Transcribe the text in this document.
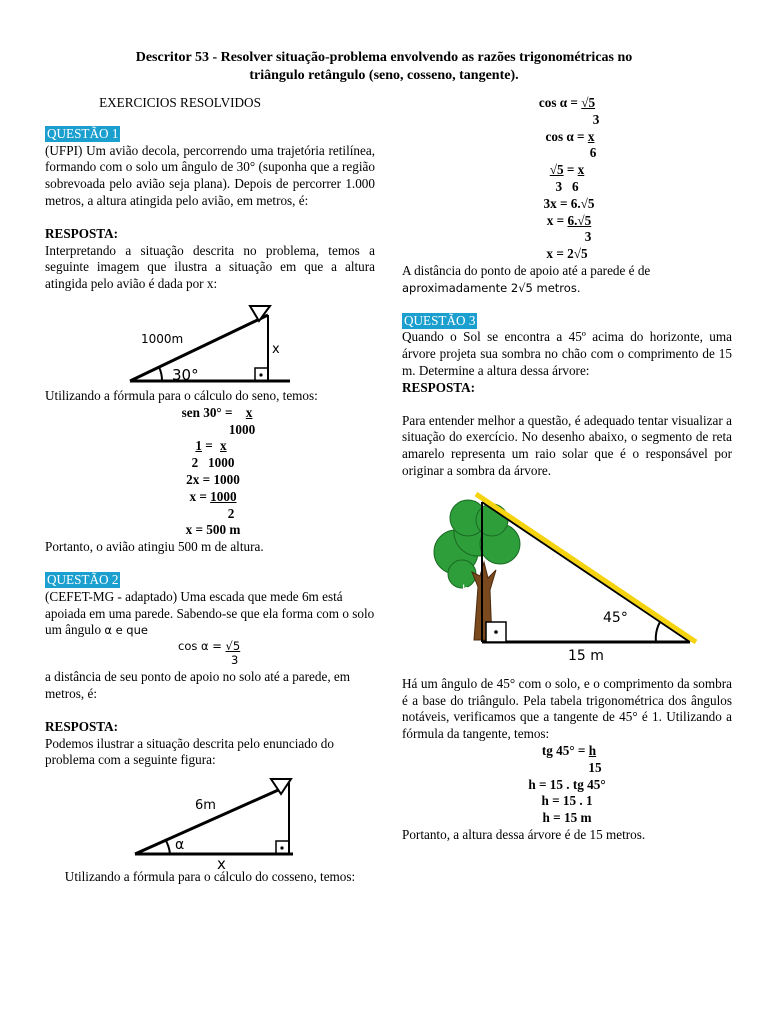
Descritor 53 - Resolver situação-problema envolvendo as razões trigonométricas no
triângulo retângulo (seno, cosseno, tangente).

EXERCICIOS RESOLVIDOS

QUESTÃO 1

(UFPI) Um avião decola, percorrendo uma trajetória retilínea, formando com o solo um ângulo de 30° (suponha que a região sobrevoada pelo avião seja plana). Depois de percorrer 1.000 metros, a altura atingida pelo avião, em metros, é:

RESPOSTA:

Interpretando a situação descrita no problema, temos a seguinte imagem que ilustra a situação em que a altura atingida pelo avião é dada por x:

1000m
30°
x

Utilizando a fórmula para o cálculo do seno, temos:

sen 30° = x
1000
1 = x
2 1000
2x = 1000
x = 1000
2
x = 500 m

Portanto, o avião atingiu 500 m de altura.

QUESTÃO 2

(CEFET-MG - adaptado) Uma escada que mede 6m está apoiada em uma parede. Sabendo-se que ela forma com o solo um ângulo α e que

cos α = √5
3

a distância de seu ponto de apoio no solo até a parede, em metros, é:

RESPOSTA:

Podemos ilustrar a situação descrita pelo enunciado do problema com a seguinte figura:

6m
α
x

Utilizando a fórmula para o cálculo do cosseno, temos:

cos α = √5
3
cos α = x
6
√5 = x
3 6
3x = 6.√5
x = 6.√5
3
x = 2√5

A distância do ponto de apoio até a parede é de

aproximadamente 2√5 metros.

QUESTÃO 3

Quando o Sol se encontra a 45º acima do horizonte, uma árvore projeta sua sombra no chão com o comprimento de 15 m. Determine a altura dessa árvore:

RESPOSTA:

Para entender melhor a questão, é adequado tentar visualizar a situação do exercício. No desenho abaixo, o segmento de reta amarelo representa um raio solar que é o responsável por originar a sombra da árvore.

h
45°
15 m

Há um ângulo de 45° com o solo, e o comprimento da sombra é a base do triângulo. Pela tabela trigonométrica dos ângulos notáveis, verificamos que a tangente de 45° é 1. Utilizando a fórmula da tangente, temos:

tg 45° = h
15
h = 15 . tg 45°
h = 15 . 1
h = 15 m

Portanto, a altura dessa árvore é de 15 metros.
